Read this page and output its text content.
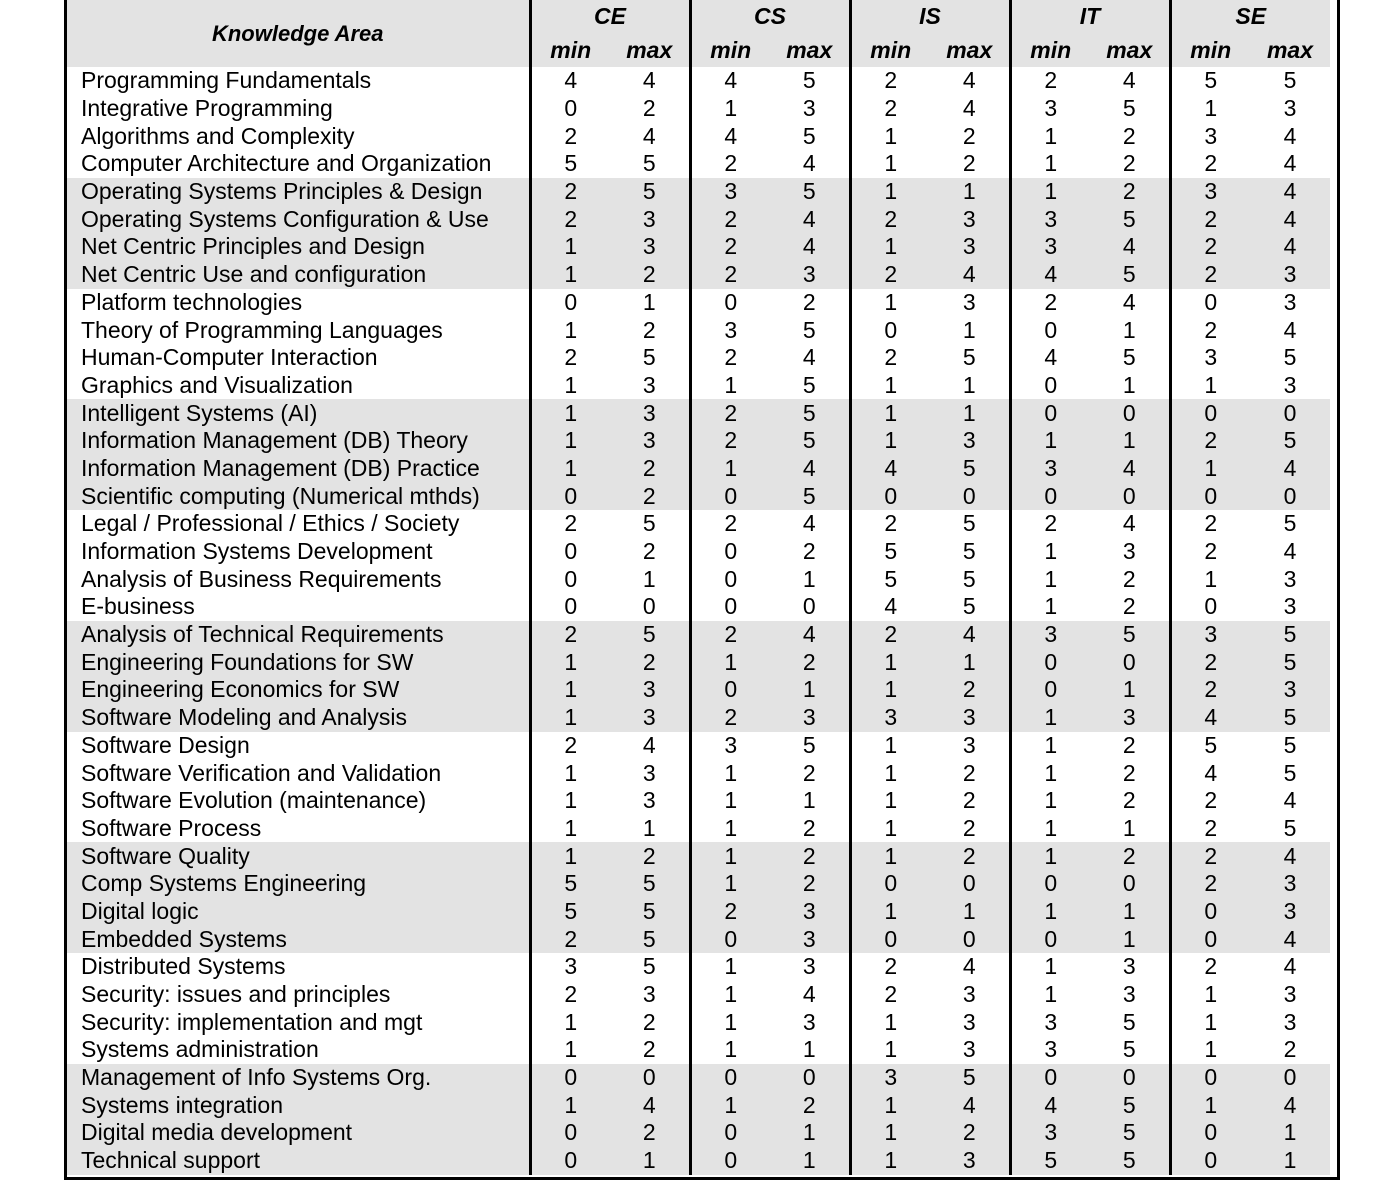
Knowledge Area	CE		CS		IS		IT		SE	
	min	max	min	max	min	max	min	max	min	max
Programming Fundamentals	4	4	4	5	2	4	2	4	5	5
Integrative Programming	0	2	1	3	2	4	3	5	1	3
Algorithms and Complexity	2	4	4	5	1	2	1	2	3	4
Computer Architecture and Organization	5	5	2	4	1	2	1	2	2	4
Operating Systems Principles & Design	2	5	3	5	1	1	1	2	3	4
Operating Systems Configuration & Use	2	3	2	4	2	3	3	5	2	4
Net Centric Principles and Design	1	3	2	4	1	3	3	4	2	4
Net Centric Use and configuration	1	2	2	3	2	4	4	5	2	3
Platform technologies	0	1	0	2	1	3	2	4	0	3
Theory of Programming Languages	1	2	3	5	0	1	0	1	2	4
Human-Computer Interaction	2	5	2	4	2	5	4	5	3	5
Graphics and Visualization	1	3	1	5	1	1	0	1	1	3
Intelligent Systems (AI)	1	3	2	5	1	1	0	0	0	0
Information Management (DB) Theory	1	3	2	5	1	3	1	1	2	5
Information Management (DB) Practice	1	2	1	4	4	5	3	4	1	4
Scientific computing (Numerical mthds)	0	2	0	5	0	0	0	0	0	0
Legal / Professional / Ethics / Society	2	5	2	4	2	5	2	4	2	5
Information Systems Development	0	2	0	2	5	5	1	3	2	4
Analysis of Business Requirements	0	1	0	1	5	5	1	2	1	3
E-business	0	0	0	0	4	5	1	2	0	3
Analysis of Technical Requirements	2	5	2	4	2	4	3	5	3	5
Engineering Foundations for SW	1	2	1	2	1	1	0	0	2	5
Engineering Economics for SW	1	3	0	1	1	2	0	1	2	3
Software Modeling and Analysis	1	3	2	3	3	3	1	3	4	5
Software Design	2	4	3	5	1	3	1	2	5	5
Software Verification and Validation	1	3	1	2	1	2	1	2	4	5
Software Evolution (maintenance)	1	3	1	1	1	2	1	2	2	4
Software Process	1	1	1	2	1	2	1	1	2	5
Software Quality	1	2	1	2	1	2	1	2	2	4
Comp Systems Engineering	5	5	1	2	0	0	0	0	2	3
Digital logic	5	5	2	3	1	1	1	1	0	3
Embedded Systems	2	5	0	3	0	0	0	1	0	4
Distributed Systems	3	5	1	3	2	4	1	3	2	4
Security: issues and principles	2	3	1	4	2	3	1	3	1	3
Security: implementation and mgt	1	2	1	3	1	3	3	5	1	3
Systems administration	1	2	1	1	1	3	3	5	1	2
Management of Info Systems Org.	0	0	0	0	3	5	0	0	0	0
Systems integration	1	4	1	2	1	4	4	5	1	4
Digital media development	0	2	0	1	1	2	3	5	0	1
Technical support	0	1	0	1	1	3	5	5	0	1
